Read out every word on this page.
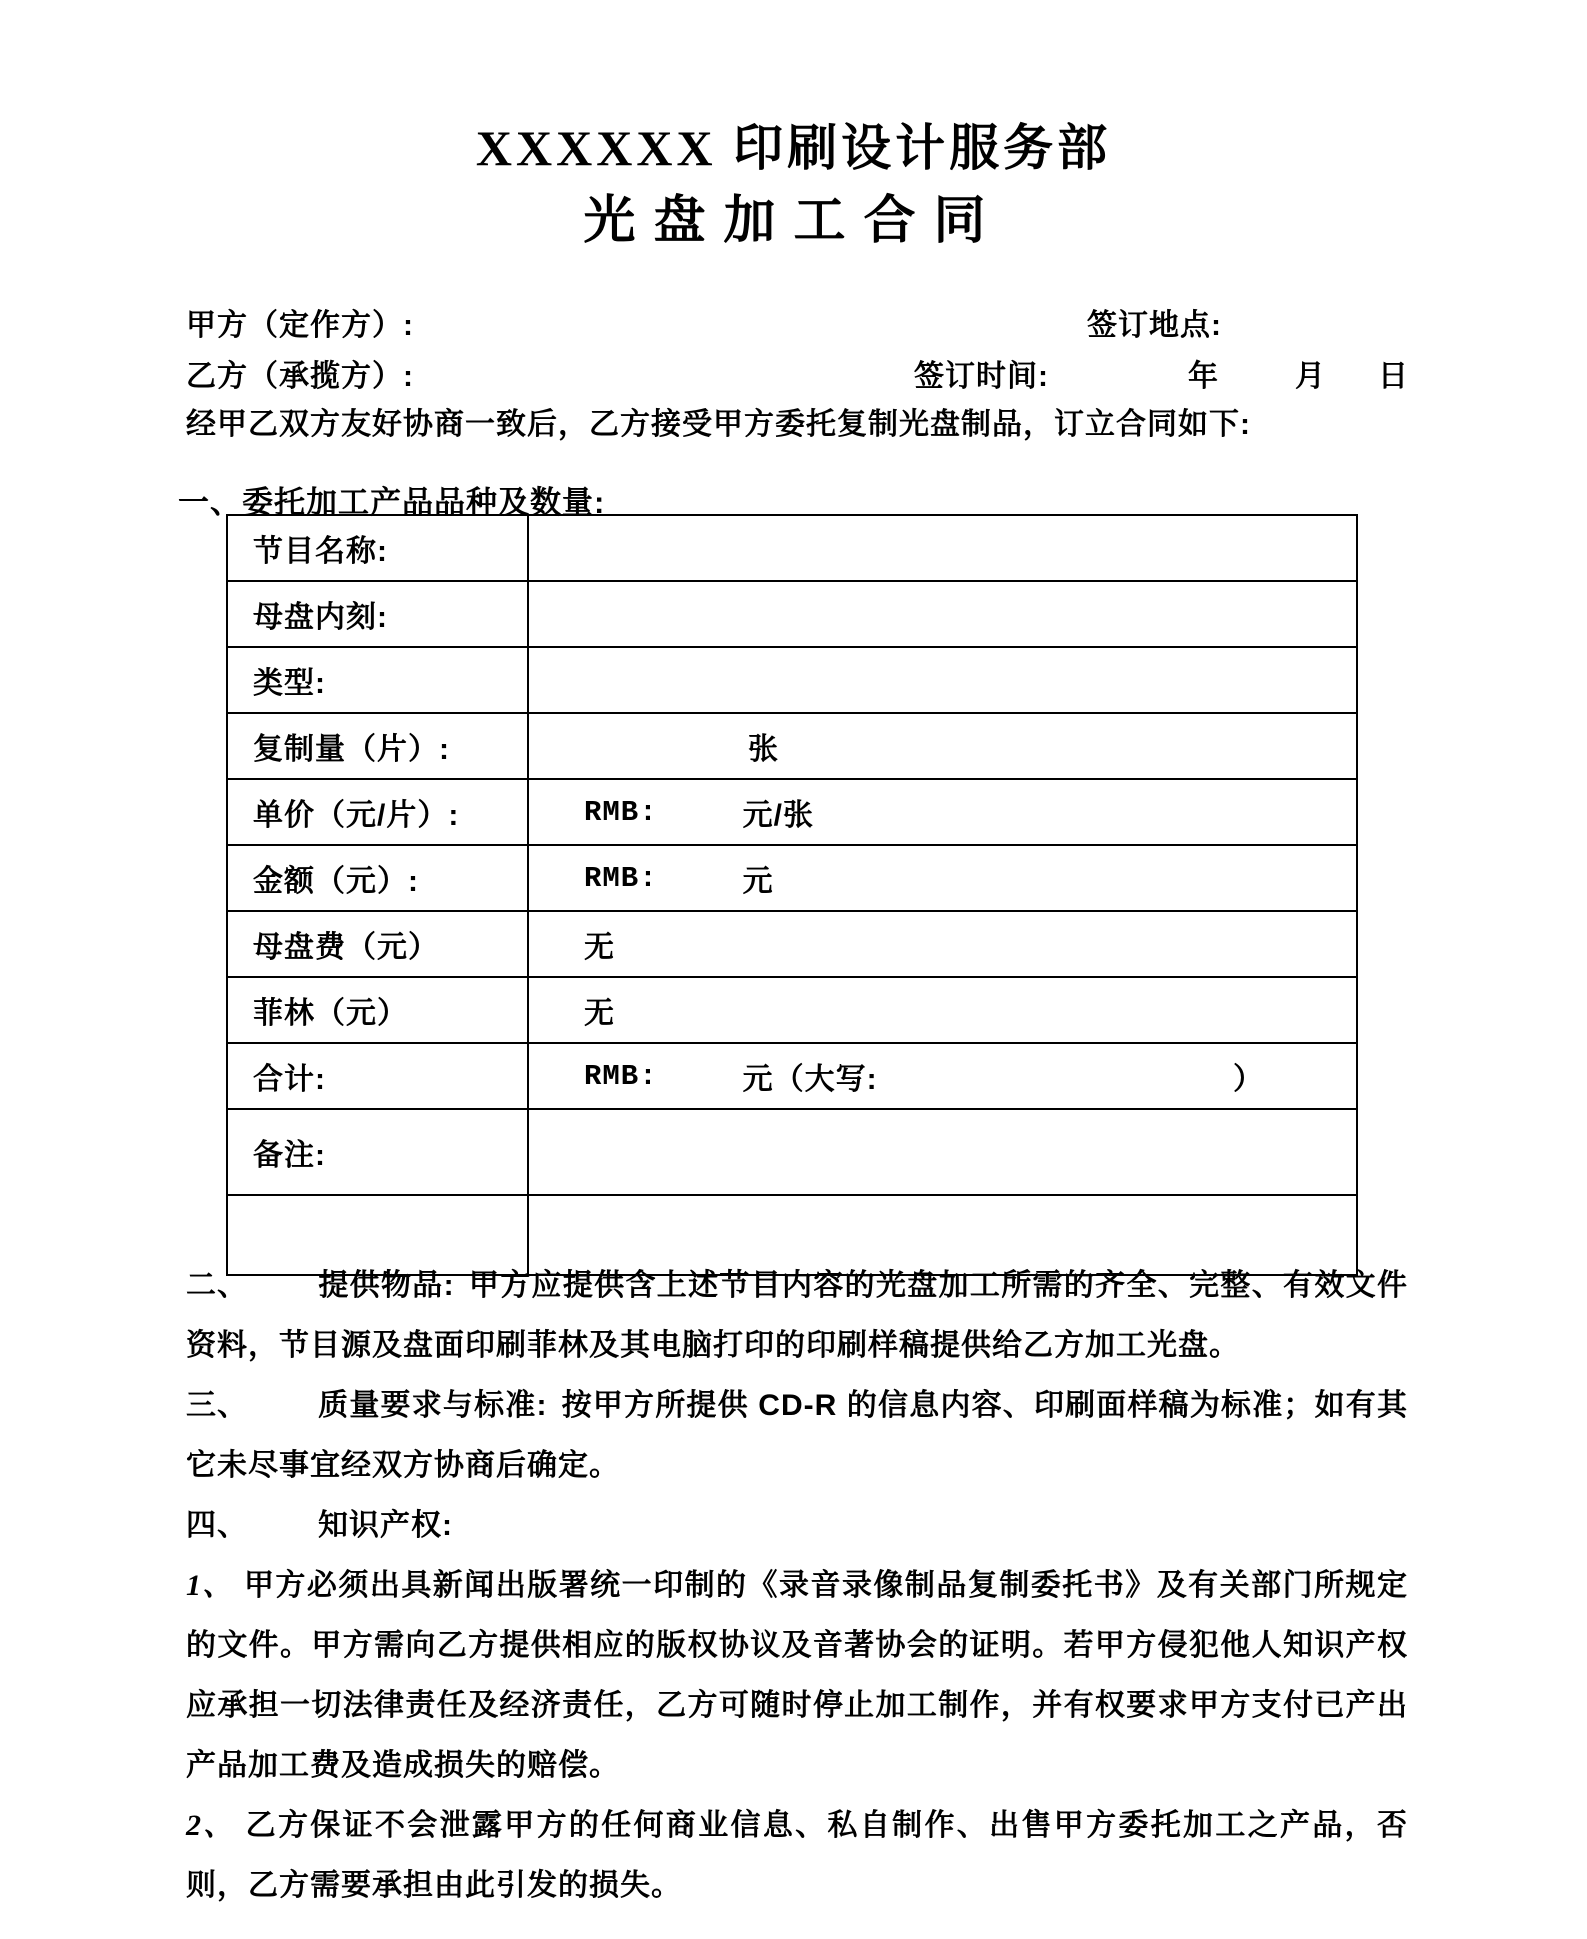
XXXXXX 印刷设计服务部
光盘加工合同
甲方（定作方）:	签订地点:
乙方（承揽方）:	签订时间:	年	月 日
经甲乙双方友好协商一致后，乙方接受甲方委托复制光盘制品，订立合同如下:
一、委托加工产品品种及数量:
节目名称:
母盘内刻:
类型:
复制量（片）:	张
单价（元/片）:	RMB:	元/张
金额（元）:	RMB:	元
母盘费（元）	无
菲林（元）	无
合计:	RMB:	元（大写:	）
备注:

二、 提供物品: 甲方应提供含上述节目内容的光盘加工所需的齐全、完整、有效文件资料，节目源及盘面印刷菲林及其电脑打印的印刷样稿提供给乙方加工光盘。

三、 质量要求与标准: 按甲方所提供 CD-R 的信息内容、印刷面样稿为标准；如有其它未尽事宜经双方协商后确定。

四、 知识产权:

1、 甲方必须出具新闻出版署统一印制的《录音录像制品复制委托书》及有关部门所规定的文件。甲方需向乙方提供相应的版权协议及音著协会的证明。若甲方侵犯他人知识产权应承担一切法律责任及经济责任，乙方可随时停止加工制作，并有权要求甲方支付已产出产品加工费及造成损失的赔偿。

2、 乙方保证不会泄露甲方的任何商业信息、私自制作、出售甲方委托加工之产品，否则，乙方需要承担由此引发的损失。
